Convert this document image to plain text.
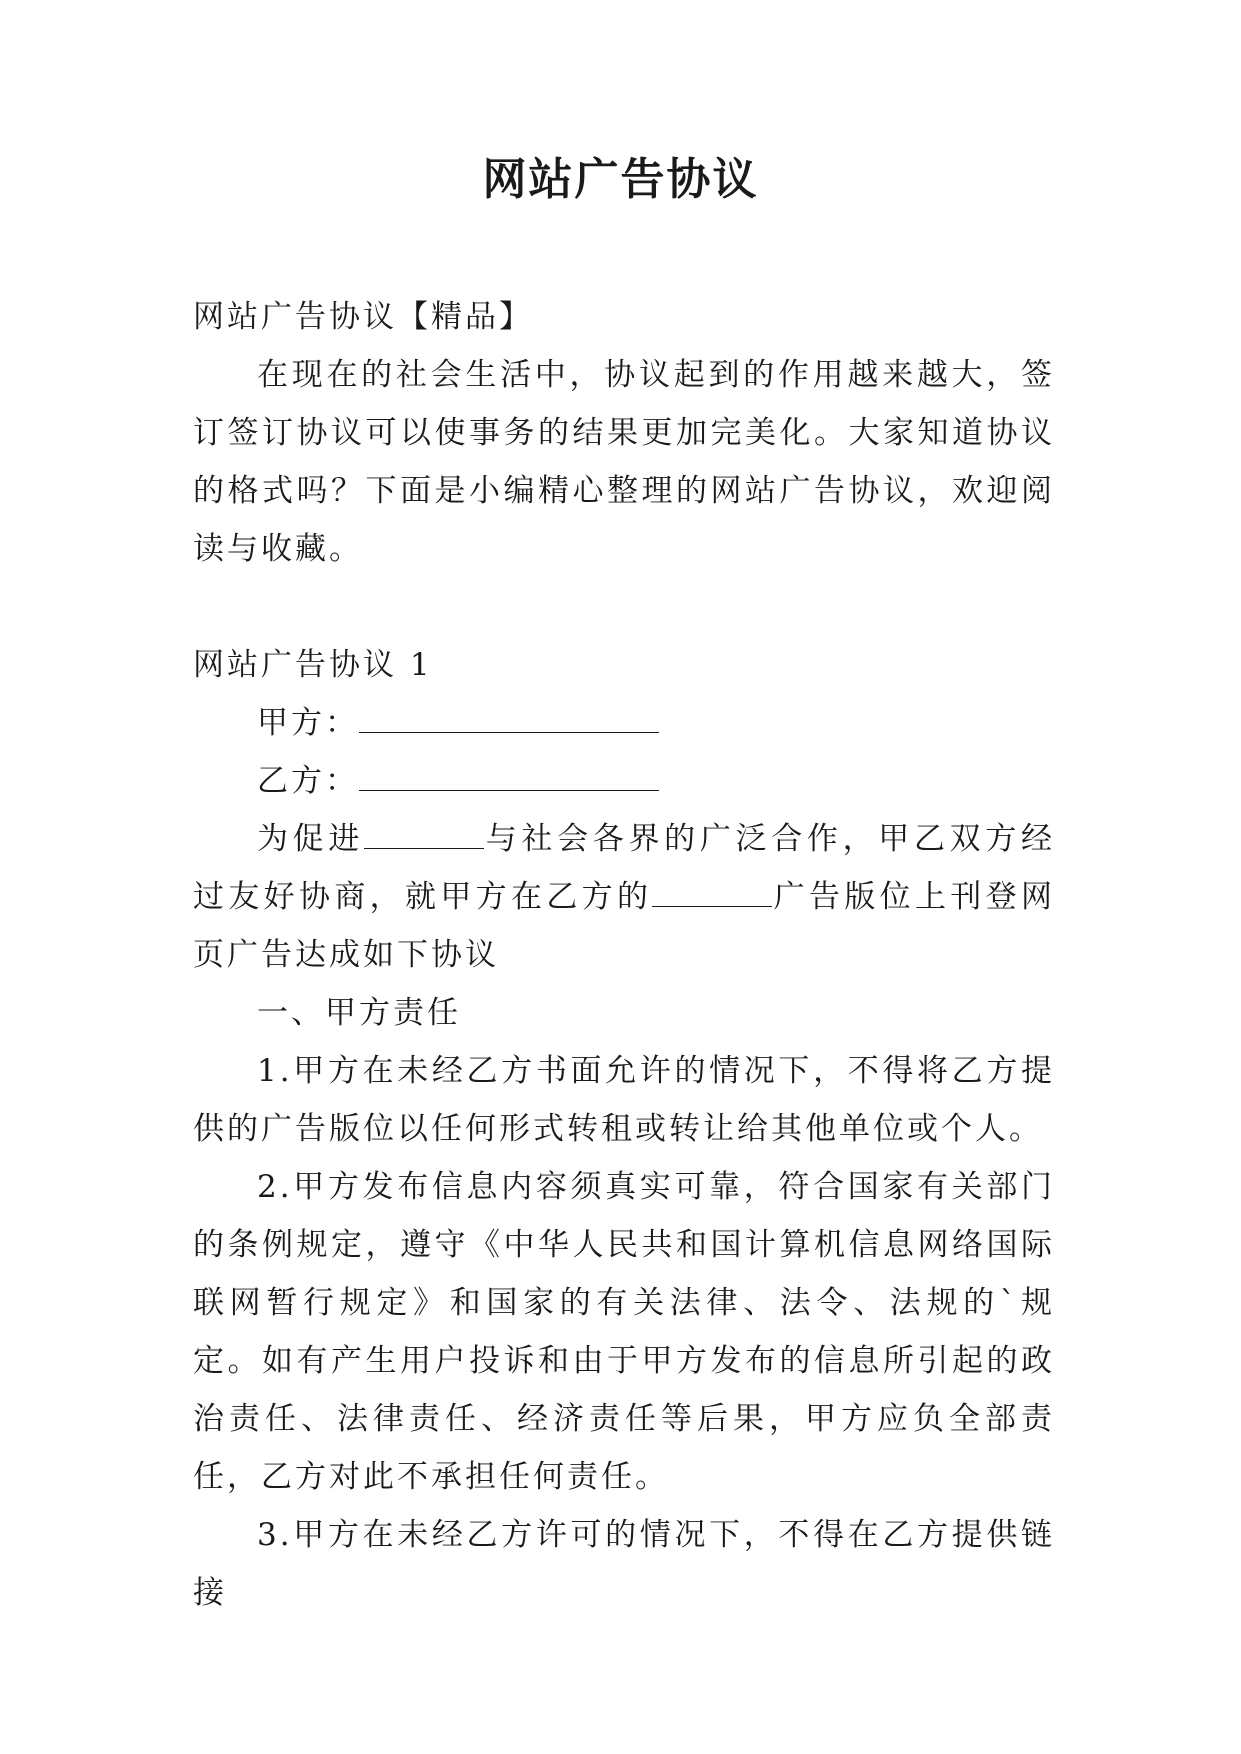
网站广告协议

网站广告协议【精品】

在现在的社会生活中，协议起到的作用越来越大，签订签订协议可以使事务的结果更加完美化。大家知道协议的格式吗？下面是小编精心整理的网站广告协议，欢迎阅读与收藏。

网站广告协议 1

甲方：

乙方：

为促进	与社会各界的广泛合作，甲乙双方经过友好协商，就甲方在乙方的	广告版位上刊登网页广告达成如下协议

一、甲方责任

1.甲方在未经乙方书面允许的情况下，不得将乙方提供的广告版位以任何形式转租或转让给其他单位或个人。

2.甲方发布信息内容须真实可靠，符合国家有关部门的条例规定，遵守《中华人民共和国计算机信息网络国际联网暂行规定》和国家的有关法律、法令、法规的`规定。如有产生用户投诉和由于甲方发布的信息所引起的政治责任、法律责任、经济责任等后果，甲方应负全部责任，乙方对此不承担任何责任。

3.甲方在未经乙方许可的情况下，不得在乙方提供链接
